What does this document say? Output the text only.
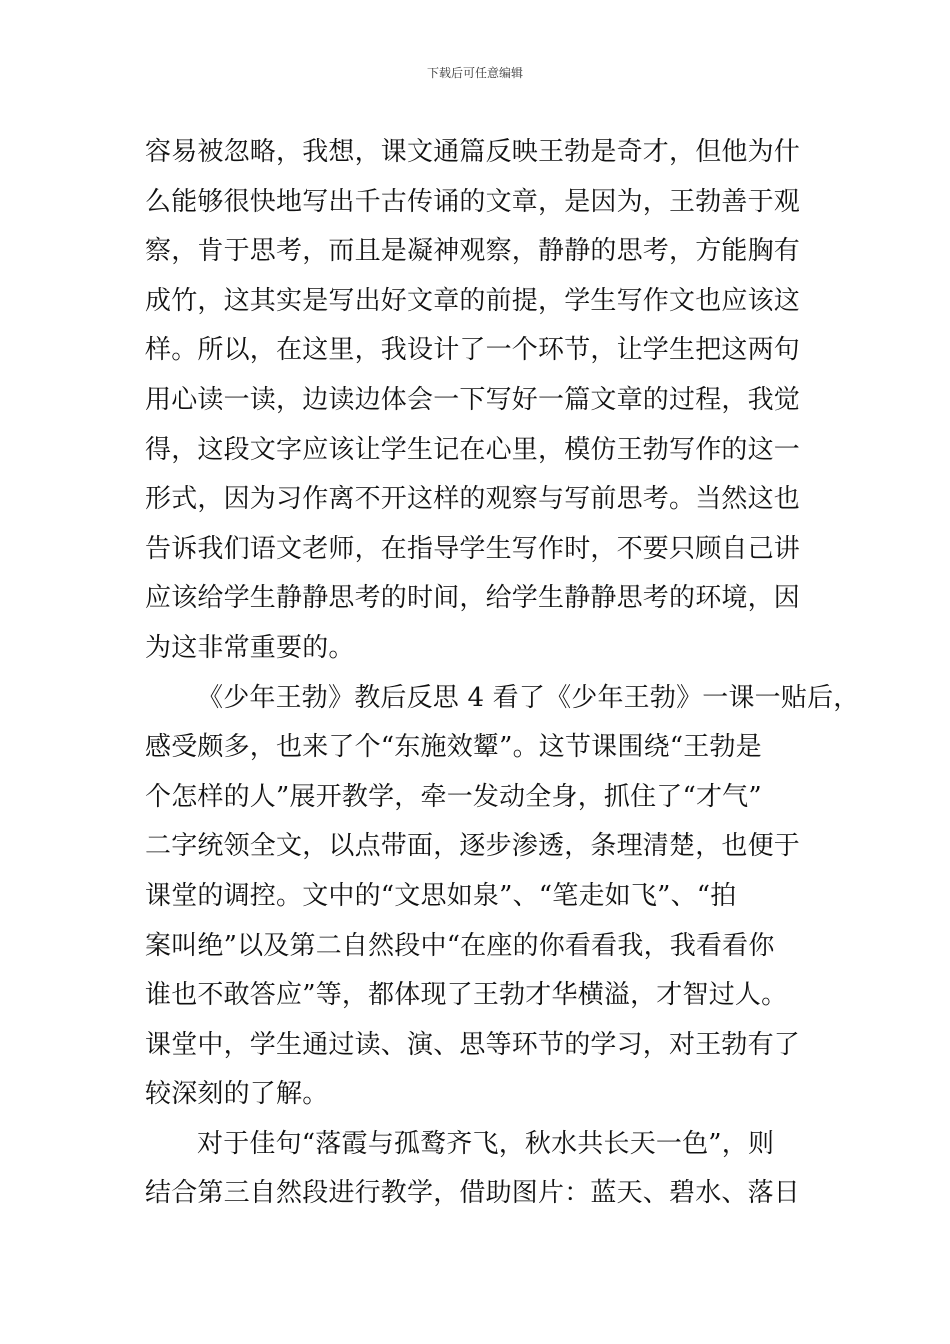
下载后可任意编辑
容易被忽略，我想，课文通篇反映王勃是奇才，但他为什
么能够很快地写出千古传诵的文章，是因为，王勃善于观
察，肯于思考，而且是凝神观察，静静的思考，方能胸有
成竹，这其实是写出好文章的前提，学生写作文也应该这
样。所以，在这里，我设计了一个环节，让学生把这两句
用心读一读，边读边体会一下写好一篇文章的过程，我觉
得，这段文字应该让学生记在心里，模仿王勃写作的这一
形式，因为习作离不开这样的观察与写前思考。当然这也
告诉我们语文老师，在指导学生写作时，不要只顾自己讲
应该给学生静静思考的时间，给学生静静思考的环境，因
为这非常重要的。
《少年王勃》教后反思 4 看了《少年王勃》一课一贴后，
感受颇多，也来了个“东施效颦”。这节课围绕“王勃是
个怎样的人”展开教学，牵一发动全身，抓住了“才气”
二字统领全文，以点带面，逐步渗透，条理清楚，也便于
课堂的调控。文中的“文思如泉”、“笔走如飞”、“拍
案叫绝”以及第二自然段中“在座的你看看我，我看看你
谁也不敢答应”等，都体现了王勃才华横溢，才智过人。
课堂中，学生通过读、演、思等环节的学习，对王勃有了
较深刻的了解。
对于佳句“落霞与孤鹜齐飞，秋水共长天一色”，则
结合第三自然段进行教学，借助图片：蓝天、碧水、落日
